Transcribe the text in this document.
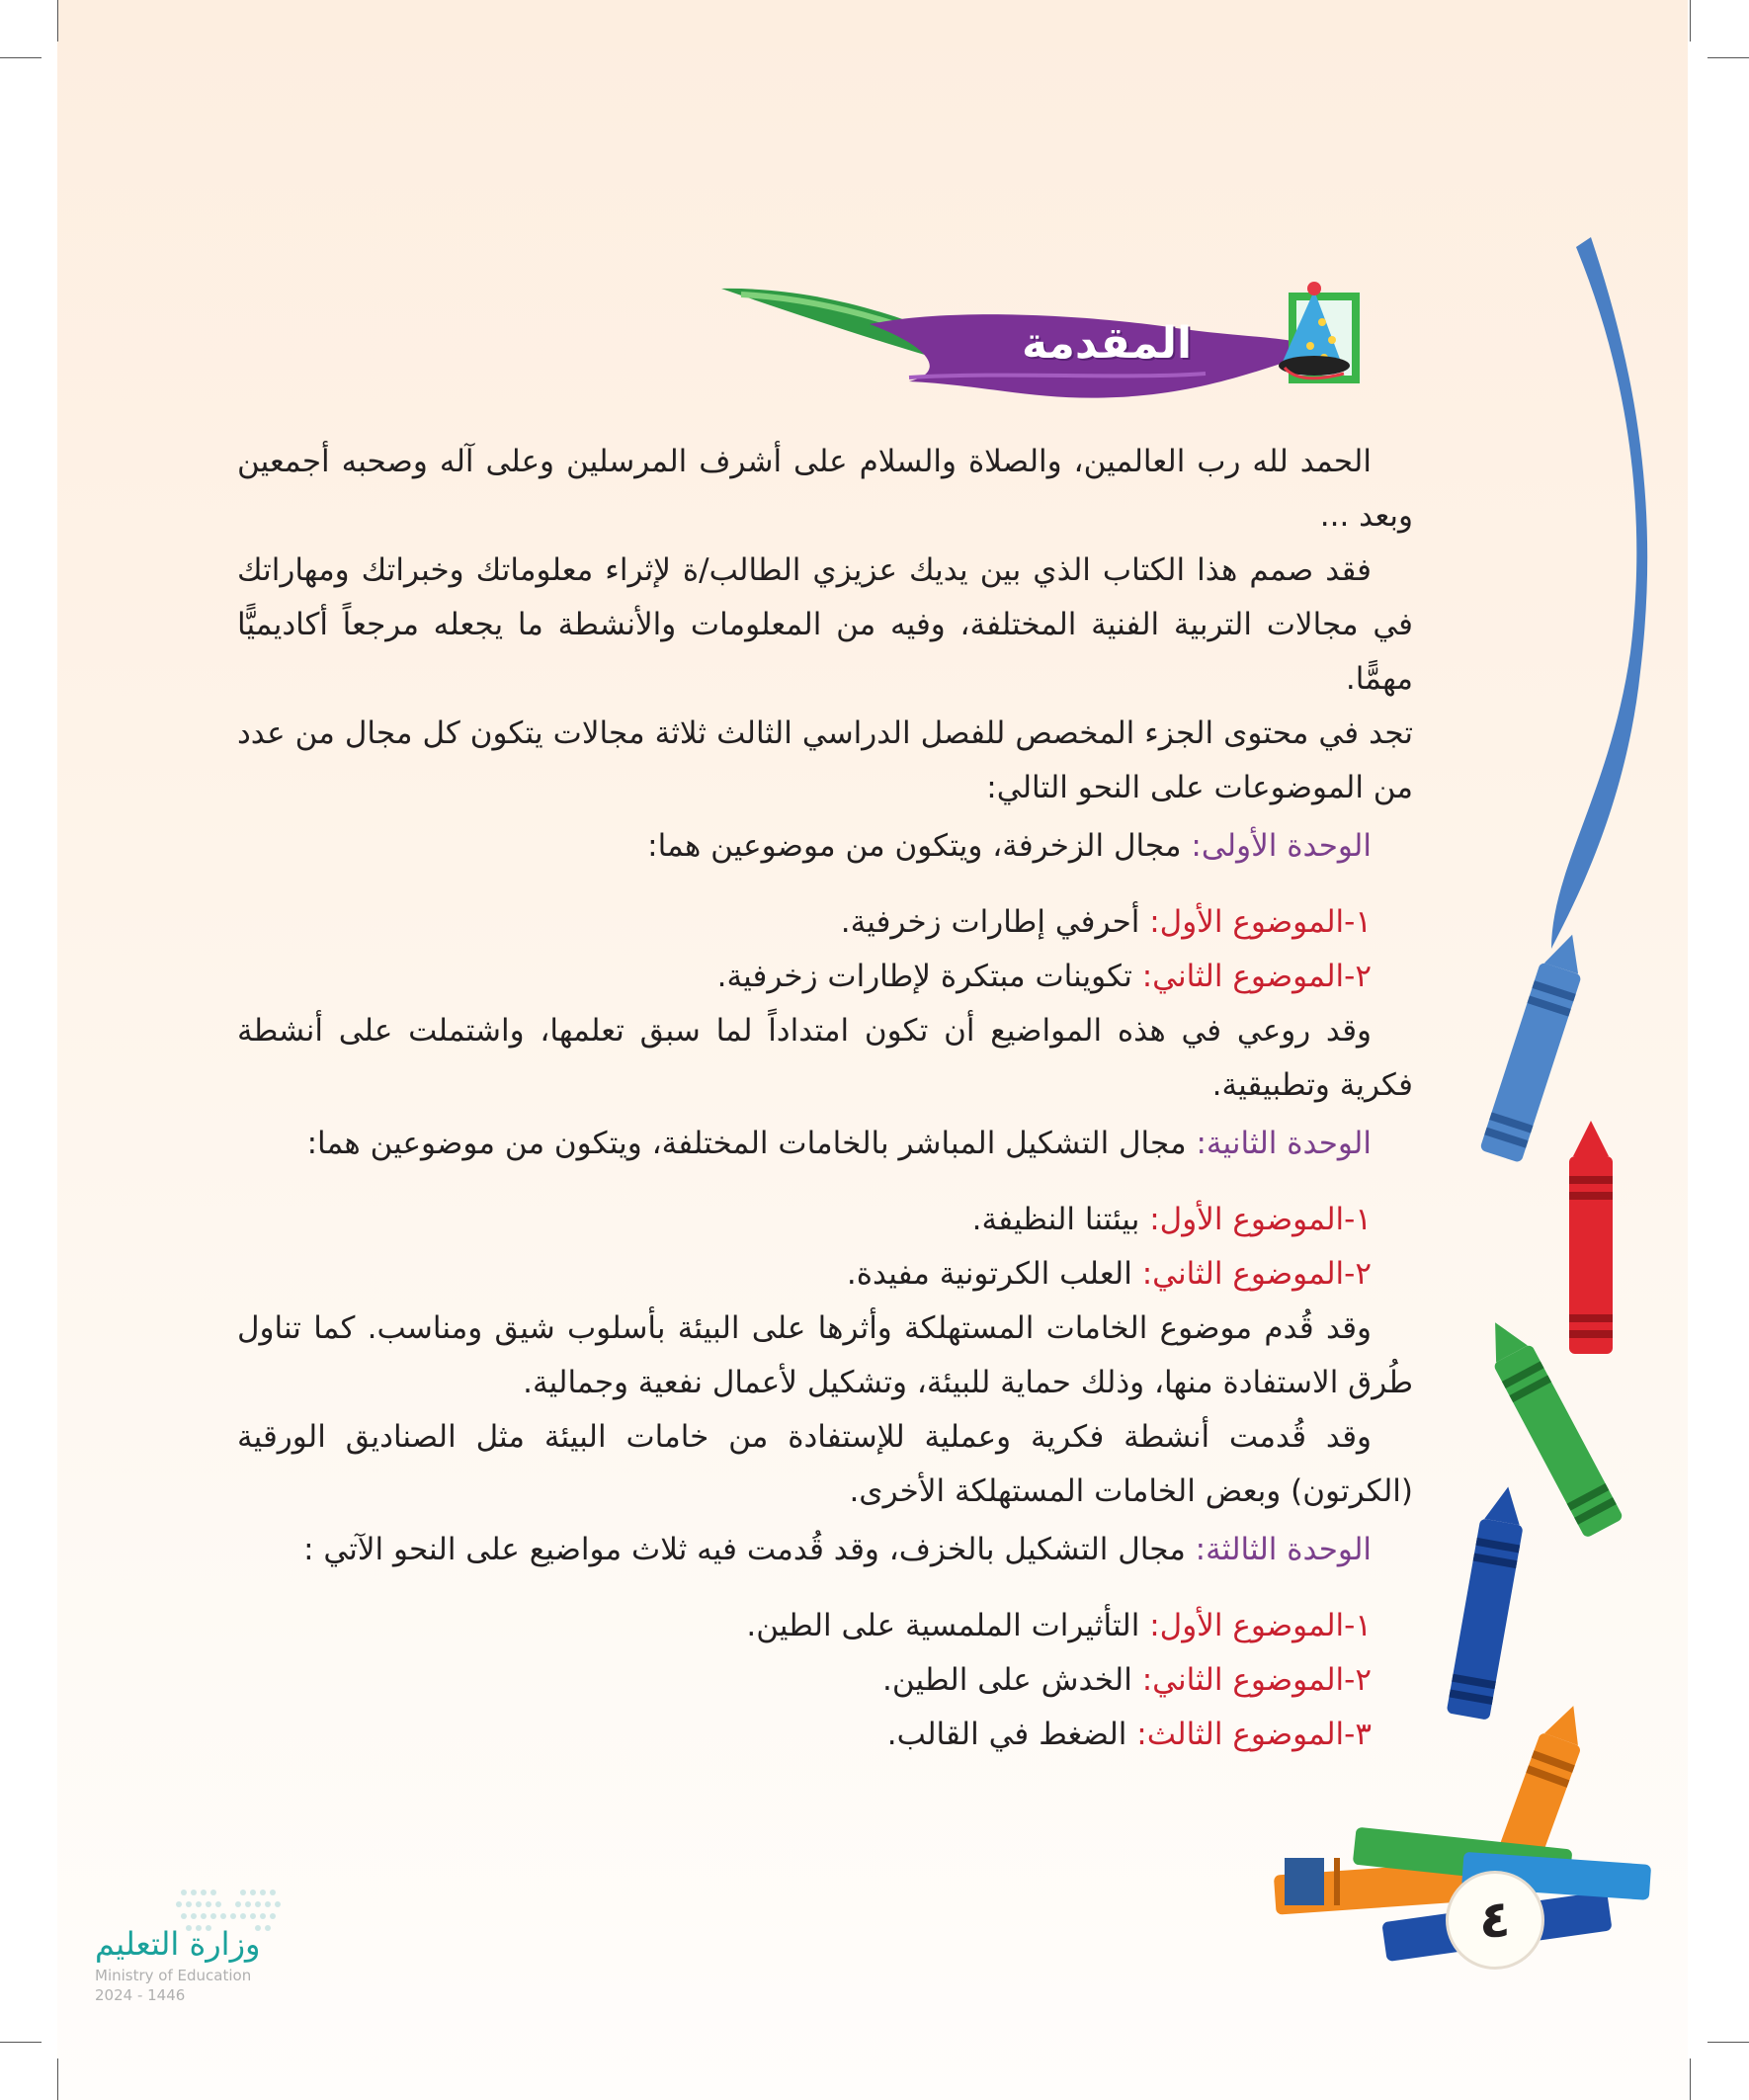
المقدمة

الحمد لله رب العالمين، والصلاة والسلام على أشرف المرسلين وعلى آله وصحبه أجمعين وبعد ...

فقد صمم هذا الكتاب الذي بين يديك عزيزي الطالب/ة لإثراء معلوماتك وخبراتك ومهاراتك في مجالات التربية الفنية المختلفة، وفيه من المعلومات والأنشطة ما يجعله مرجعاً أكاديميًّا مهمًّا.

تجد في محتوى الجزء المخصص للفصل الدراسي الثالث ثلاثة مجالات يتكون كل مجال من عدد من الموضوعات على النحو التالي:

الوحدة الأولى: مجال الزخرفة، ويتكون من موضوعين هما:

١-الموضوع الأول: أحرفي إطارات زخرفية.

٢-الموضوع الثاني: تكوينات مبتكرة لإطارات زخرفية.

وقد روعي في هذه المواضيع أن تكون امتداداً لما سبق تعلمها، واشتملت على أنشطة فكرية وتطبيقية.

الوحدة الثانية: مجال التشكيل المباشر بالخامات المختلفة، ويتكون من موضوعين هما:

١-الموضوع الأول: بيئتنا النظيفة.

٢-الموضوع الثاني: العلب الكرتونية مفيدة.

وقد قُدم موضوع الخامات المستهلكة وأثرها على البيئة بأسلوب شيق ومناسب. كما تناول طُرق الاستفادة منها، وذلك حماية للبيئة، وتشكيل لأعمال نفعية وجمالية.

وقد قُدمت أنشطة فكرية وعملية للإستفادة من خامات البيئة مثل الصناديق الورقية (الكرتون) وبعض الخامات المستهلكة الأخرى.

الوحدة الثالثة: مجال التشكيل بالخزف، وقد قُدمت فيه ثلاث مواضيع على النحو الآتي :

١-الموضوع الأول: التأثيرات الملمسية على الطين.

٢-الموضوع الثاني: الخدش على الطين.

٣-الموضوع الثالث: الضغط في القالب.

٤
وزارة التعليم
Ministry of Education
2024 - 1446
